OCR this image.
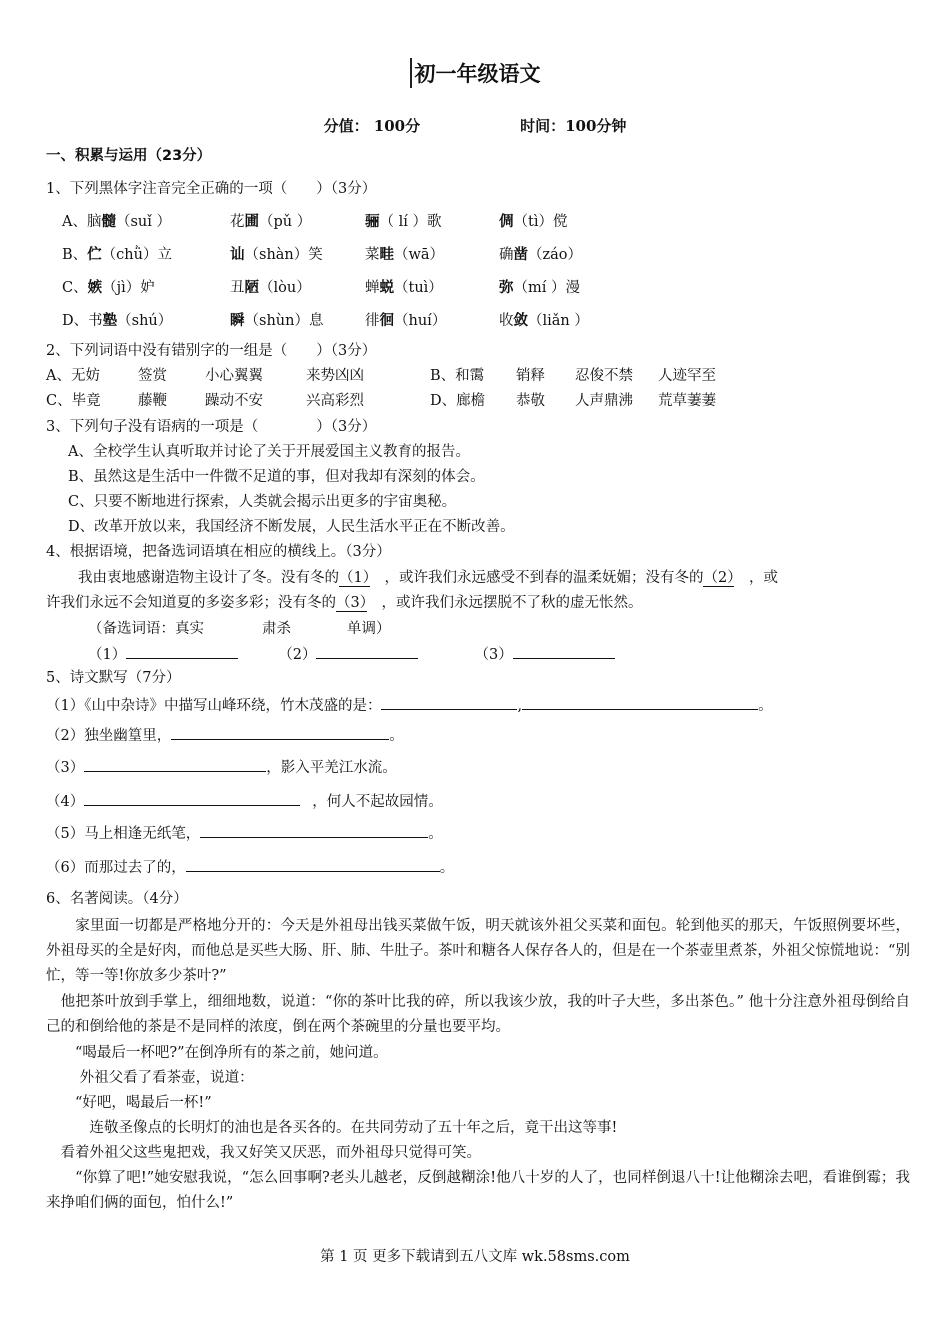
初一年级语文
分值： 100分	时间：100分钟
一、积累与运用（23分）
1、下列黑体字注音完全正确的一项（　　）（3分）
A、脑髓（suǐ ）	花圃（pǔ ）	骊（ lí ）歌	倜（tì）傥
B、伫（chǜ）立	讪（shàn）笑	菜畦（wā）	确凿（záo）
C、嫉（jì）妒	丑陋（lòu）	蝉蜕（tuì）	弥（mí ）漫
D、书塾（shú）	瞬（shùn）息	徘徊（huí）	收敛（liǎn ）
2、下列词语中没有错别字的一组是（　　）（3分）
A、无妨	签赏	小心翼翼	来势凶凶	B、和霭 销释 忍俊不禁 人迹罕至
C、毕竟	藤鞭	躁动不安	兴高彩烈	D、廊檐 恭敬 人声鼎沸 荒草萋萋
3、下列句子没有语病的一项是（　　　　）（3分）
A、全校学生认真听取并讨论了关于开展爱国主义教育的报告。
B、虽然这是生活中一件微不足道的事，但对我却有深刻的体会。
C、只要不断地进行探索，人类就会揭示出更多的宇宙奥秘。
D、改革开放以来，我国经济不断发展，人民生活水平正在不断改善。
4、根据语境，把备选词语填在相应的横线上。（3分）
我由衷地感谢造物主设计了冬。没有冬的（1）　 ，或许我们永远感受不到春的温柔妩媚；没有冬的（2）　 ，或
许我们永远不会知道夏的多姿多彩；没有冬的（3）　 ，或许我们永远摆脱不了秋的虚无怅然。
（备选词语：真实	肃杀	单调）
（1）	（2）	（3）
5、诗文默写（7分）
（1）《山中杂诗》中描写山峰环绕，竹木茂盛的是：	,	。
（2）独坐幽篁里，	。
（3）	，影入平羌江水流。
（4）	，何人不起故园情。
（5）马上相逢无纸笔，	。
（6）而那过去了的，	。
6、名著阅读。（4分）
　　家里面一切都是严格地分开的：今天是外祖母出钱买菜做午饭，明天就该外祖父买菜和面包。轮到他买的那天，午饭照例要坏些，外祖母买的全是好肉，而他总是买些大肠、肝、肺、牛肚子。茶叶和糖各人保存各人的，但是在一个茶壶里煮茶，外祖父惊慌地说：“别忙，等一等!你放多少茶叶?”
　他把茶叶放到手掌上，细细地数，说道：“你的茶叶比我的碎，所以我该少放，我的叶子大些，多出茶色。” 他十分注意外祖母倒给自己的和倒给他的茶是不是同样的浓度，倒在两个茶碗里的分量也要平均。
　　“喝最后一杯吧?”在倒净所有的茶之前，她问道。
　　 外祖父看了看茶壶，说道：
　　“好吧，喝最后一杯!”
　　　连敬圣像点的长明灯的油也是各买各的。在共同劳动了五十年之后，竟干出这等事!
　看着外祖父这些鬼把戏，我又好笑又厌恶，而外祖母只觉得可笑。
　　“你算了吧!”她安慰我说，“怎么回事啊?老头儿越老，反倒越糊涂!他八十岁的人了，也同样倒退八十!让他糊涂去吧，看谁倒霉；我来挣咱们俩的面包，怕什么!”
第 1 页 更多下载请到五八文库 wk.58sms.com
